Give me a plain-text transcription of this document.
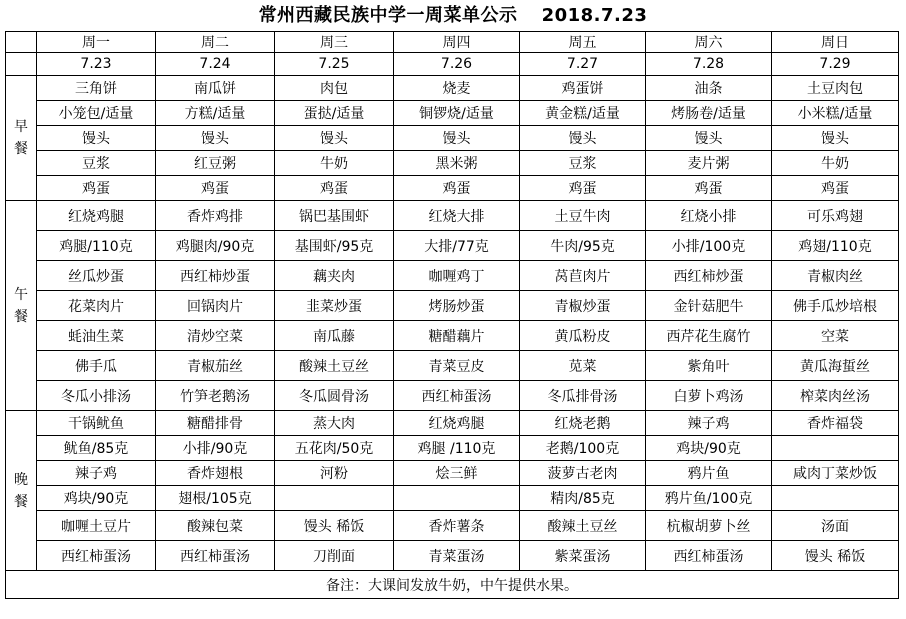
常州西藏民族中学一周菜单公示 2018.7.23
	周一	周二	周三	周四	周五	周六	周日
	7.23	7.24	7.25	7.26	7.27	7.28	7.29

早
餐	三角饼	南瓜饼	肉包	烧麦	鸡蛋饼	油条	土豆肉包
	小笼包/适量	方糕/适量	蛋挞/适量	铜锣烧/适量	黄金糕/适量	烤肠卷/适量	小米糕/适量
	馒头	馒头	馒头	馒头	馒头	馒头	馒头
	豆浆	红豆粥	牛奶	黑米粥	豆浆	麦片粥	牛奶
	鸡蛋	鸡蛋	鸡蛋	鸡蛋	鸡蛋	鸡蛋	鸡蛋

午
餐	红烧鸡腿	香炸鸡排	锅巴基围虾	红烧大排	土豆牛肉	红烧小排	可乐鸡翅
	鸡腿/110克	鸡腿肉/90克	基围虾/95克	大排/77克	牛肉/95克	小排/100克	鸡翅/110克
	丝瓜炒蛋	西红柿炒蛋	藕夹肉	咖喱鸡丁	莴苣肉片	西红柿炒蛋	青椒肉丝
	花菜肉片	回锅肉片	韭菜炒蛋	烤肠炒蛋	青椒炒蛋	金针菇肥牛	佛手瓜炒培根
	蚝油生菜	清炒空菜	南瓜藤	糖醋藕片	黄瓜粉皮	西芹花生腐竹	空菜
	佛手瓜	青椒茄丝	酸辣土豆丝	青菜豆皮	苋菜	紫角叶	黄瓜海蜇丝
	冬瓜小排汤	竹笋老鹅汤	冬瓜圆骨汤	西红柿蛋汤	冬瓜排骨汤	白萝卜鸡汤	榨菜肉丝汤

晚
餐	干锅鱿鱼	糖醋排骨	蒸大肉	红烧鸡腿	红烧老鹅	辣子鸡	香炸福袋
	鱿鱼/85克	小排/90克	五花肉/50克	鸡腿 /110克	老鹅/100克	鸡块/90克	
	辣子鸡	香炸翅根	河粉	烩三鲜	菠萝古老肉	鸦片鱼	咸肉丁菜炒饭
	鸡块/90克	翅根/105克			精肉/85克	鸦片鱼/100克	
	咖喱土豆片	酸辣包菜	馒头 稀饭	香炸薯条	酸辣土豆丝	杭椒胡萝卜丝	汤面
	西红柿蛋汤	西红柿蛋汤	刀削面	青菜蛋汤	紫菜蛋汤	西红柿蛋汤	馒头 稀饭
备注：大课间发放牛奶，中午提供水果。							
